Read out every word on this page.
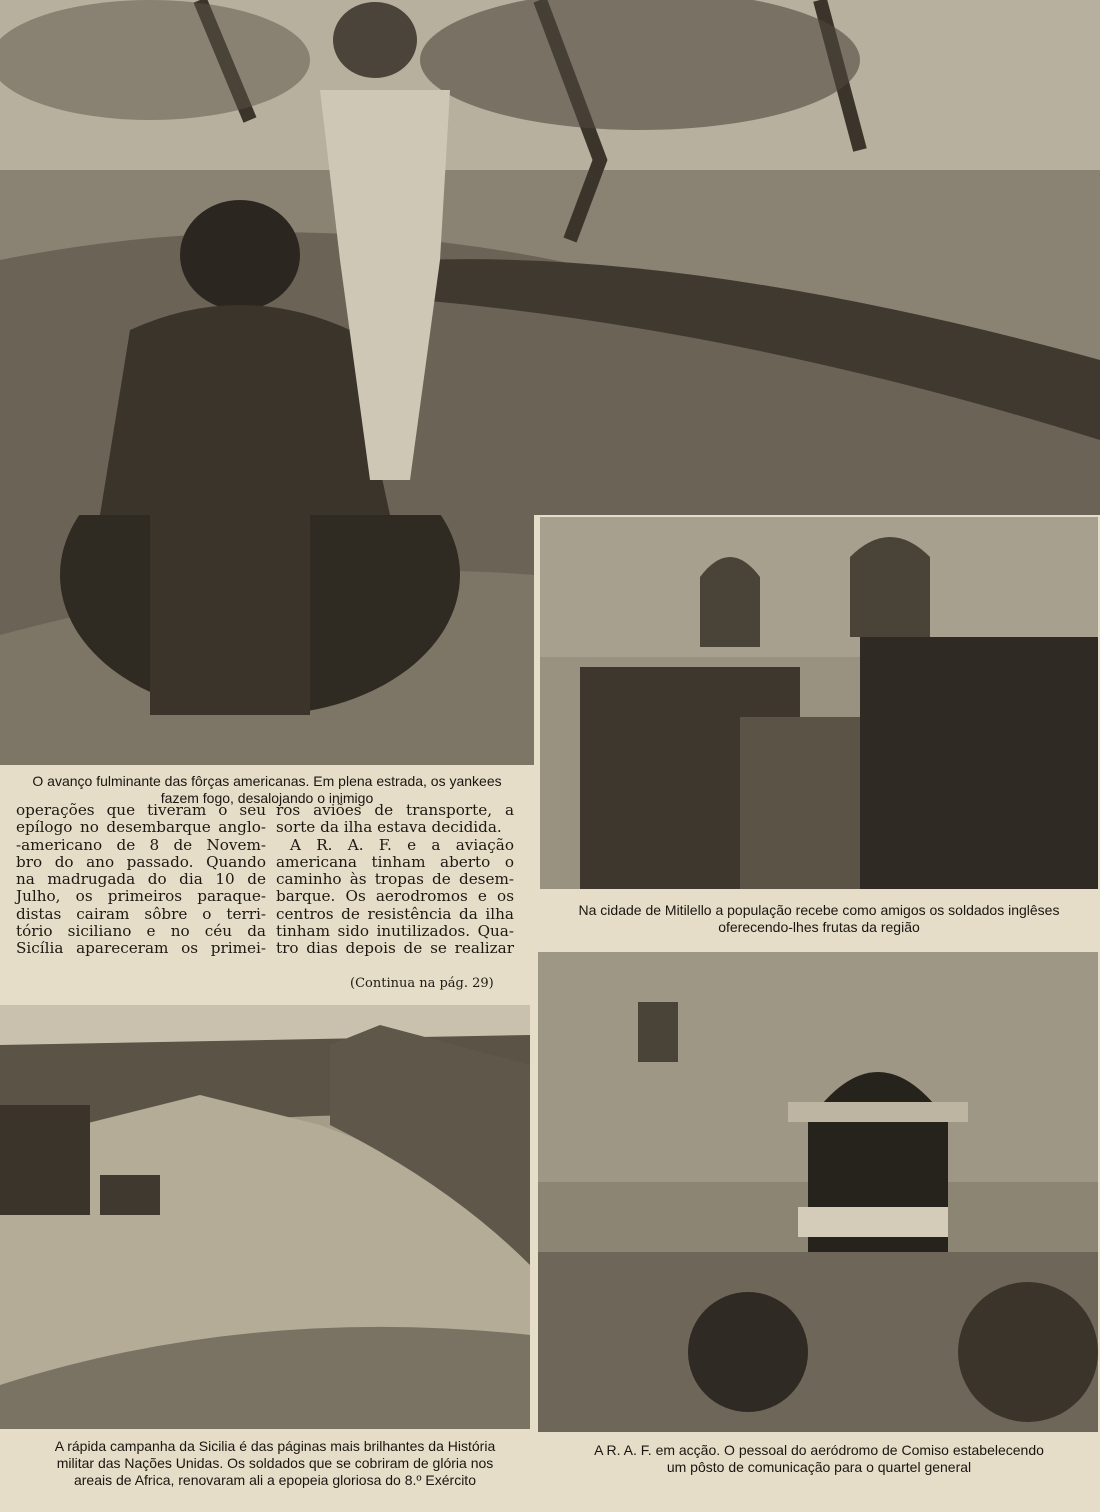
O avanço fulminante das fôrças americanas. Em plena estrada, os yankees
fazem fogo, desalojando o inimigo
Na cidade de Mitilello a população recebe como amigos os soldados inglêses
oferecendo-lhes frutas da região
operações que tiveram o seu
epílogo no desembarque anglo-
-americano de 8 de Novem-
bro do ano passado. Quando
na madrugada do dia 10 de
Julho, os primeiros paraque-
distas cairam sôbre o terri-
tório siciliano e no céu da
Sicília apareceram os primei-
ros aviões de transporte, a
sorte da ilha estava decidida.
A R. A. F. e a aviação
americana tinham aberto o
caminho às tropas de desem-
barque. Os aerodromos e os
centros de resistência da ilha
tinham sido inutilizados. Qua-
tro dias depois de se realizar
(Continua na pág. 29)
A rápida campanha da Sicilia é das páginas mais brilhantes da História
militar das Nações Unidas. Os soldados que se cobriram de glória nos
areais de Africa, renovaram ali a epopeia gloriosa do 8.º Exército
A R. A. F. em acção. O pessoal do aeródromo de Comiso estabelecendo
um pôsto de comunicação para o quartel general
